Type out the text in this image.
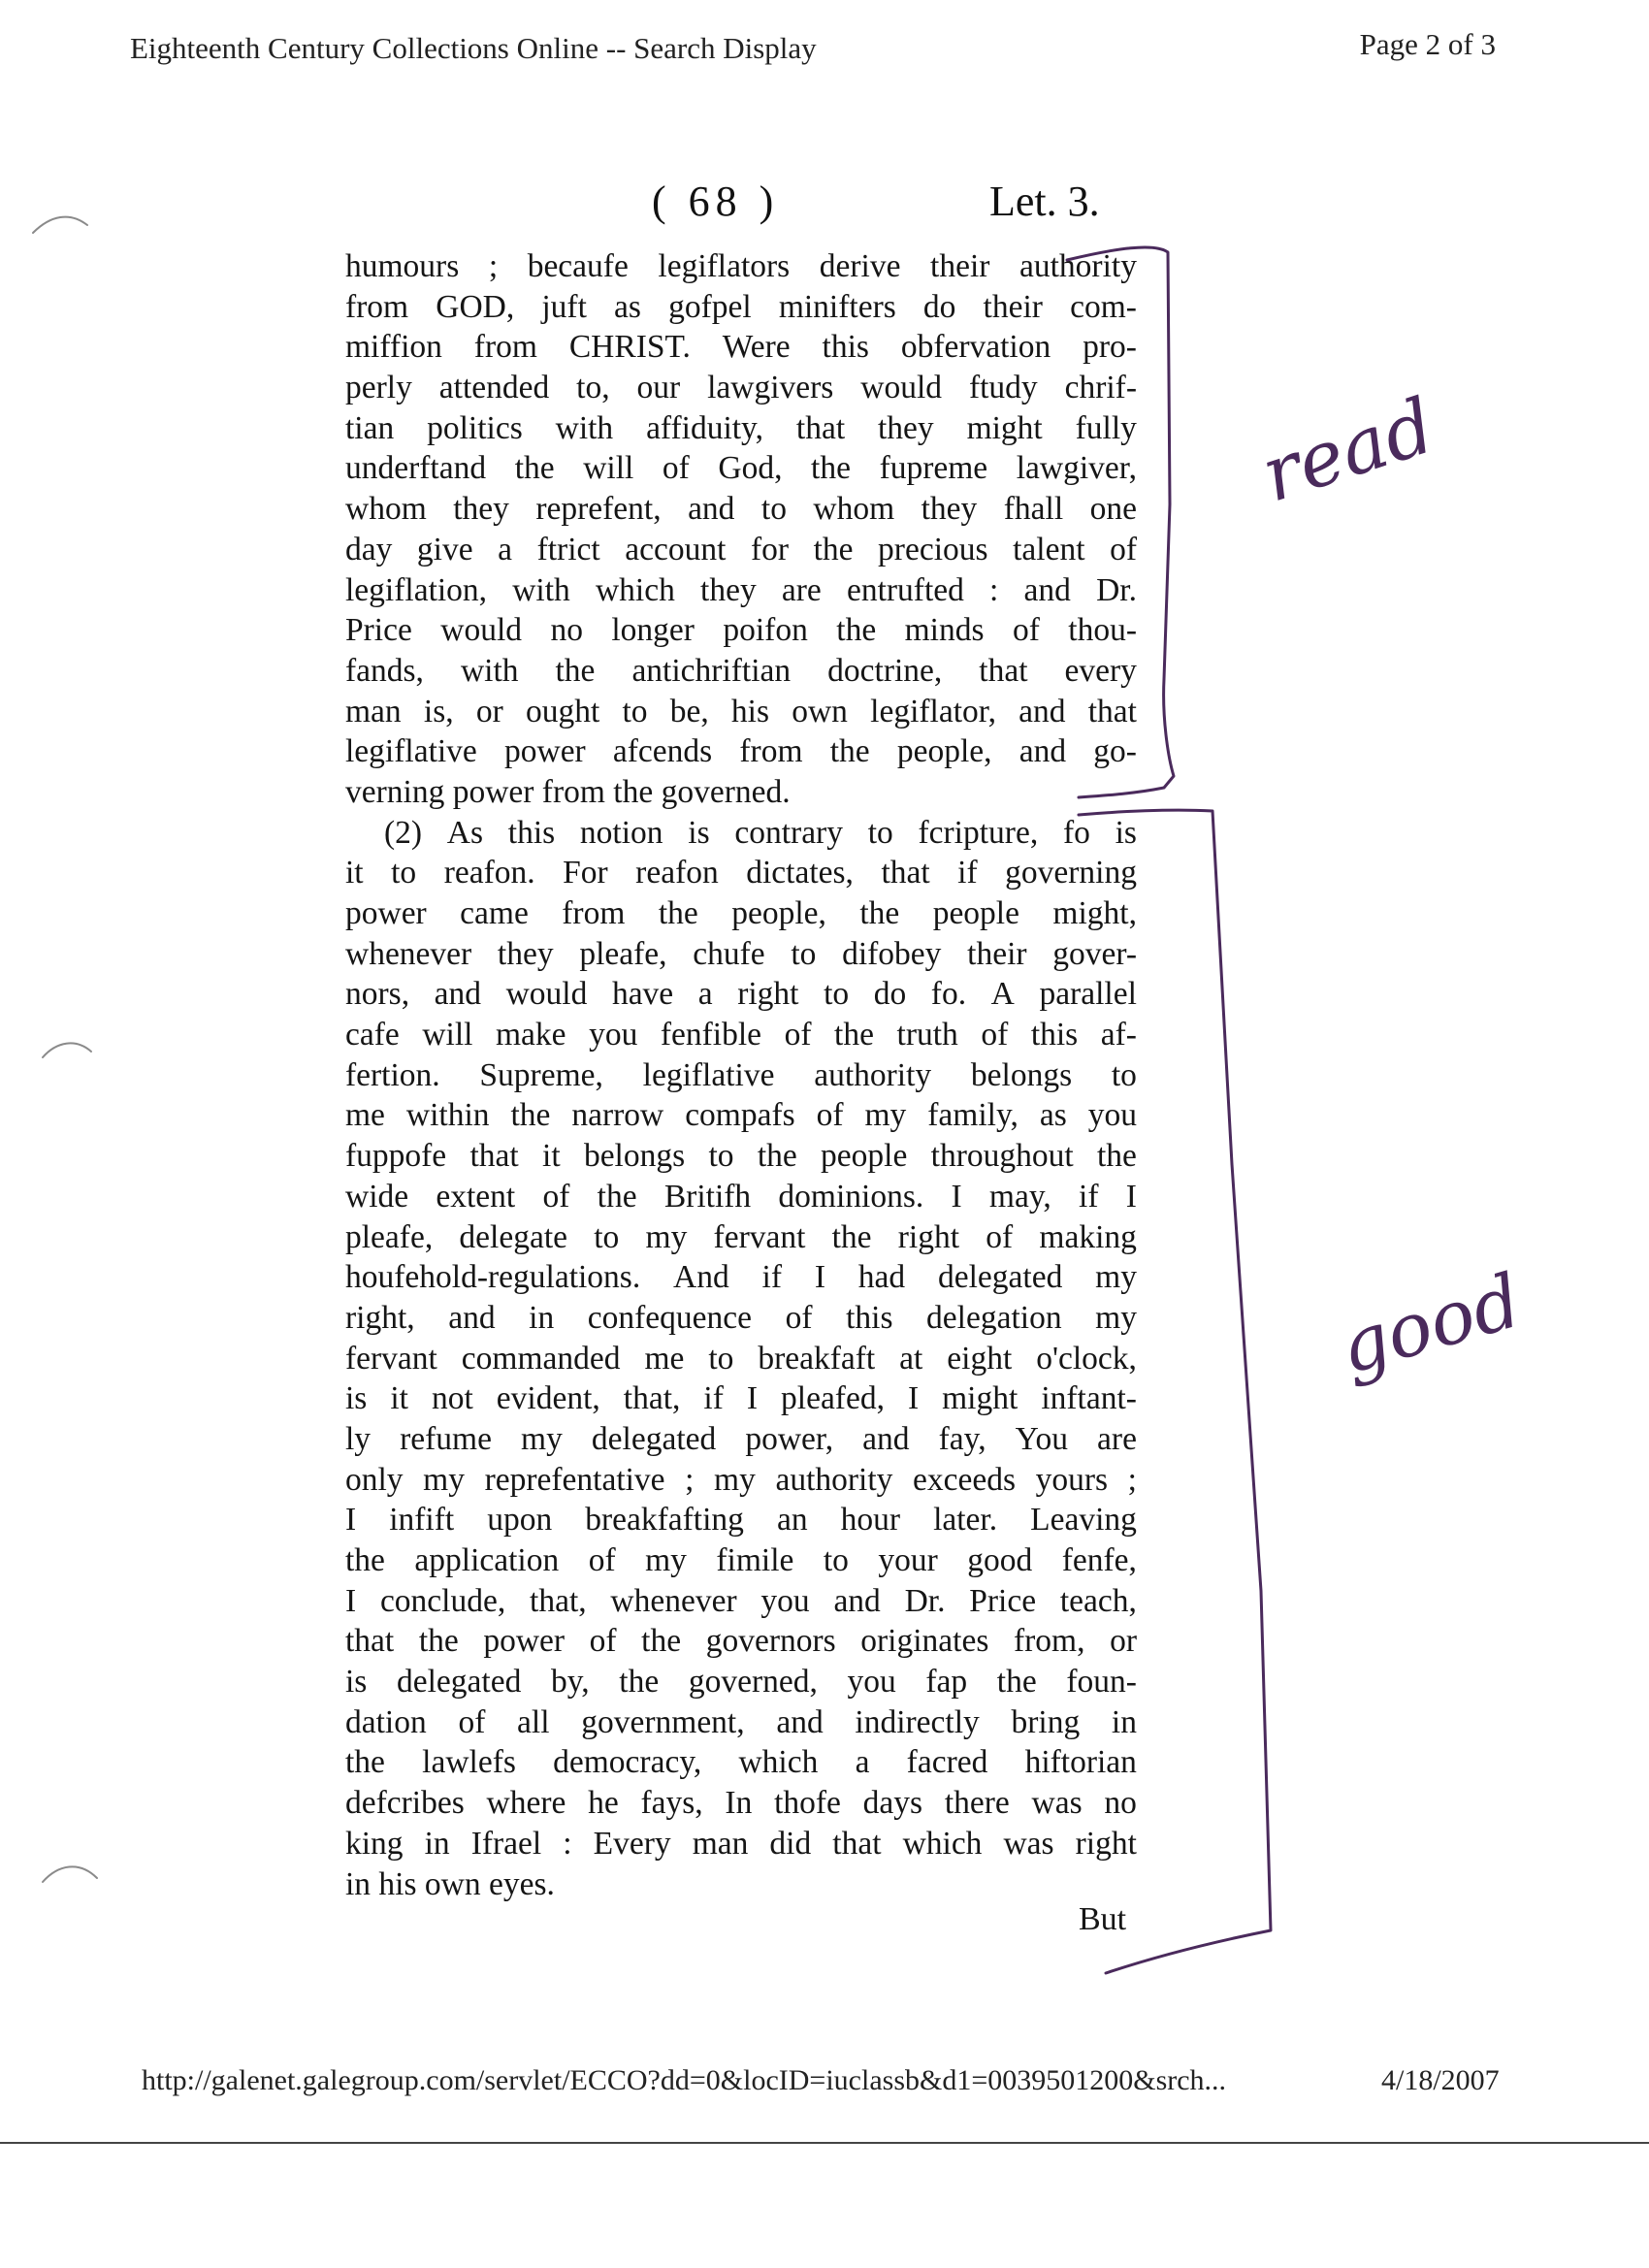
Eighteenth Century Collections Online -- Search Display	Page 2 of 3
( 68 )	Let. 3.
humours ; becaufe legiflators derive their authority
from GOD, juft as gofpel minifters do their com-
miffion from CHRIST. Were this obfervation pro-
perly attended to, our lawgivers would ftudy chrif-
tian politics with affiduity, that they might fully
underftand the will of God, the fupreme lawgiver,
whom they reprefent, and to whom they fhall one
day give a ftrict account for the precious talent of
legiflation, with which they are entrufted : and Dr.
Price would no longer poifon the minds of thou-
fands, with the antichriftian doctrine, that every
man is, or ought to be, his own legiflator, and that
legiflative power afcends from the people, and go-
verning power from the governed.
(2) As this notion is contrary to fcripture, fo is
it to reafon. For reafon dictates, that if governing
power came from the people, the people might,
whenever they pleafe, chufe to difobey their gover-
nors, and would have a right to do fo. A parallel
cafe will make you fenfible of the truth of this af-
fertion. Supreme, legiflative authority belongs to
me within the narrow compafs of my family, as you
fuppofe that it belongs to the people throughout the
wide extent of the Britifh dominions. I may, if I
pleafe, delegate to my fervant the right of making
houfehold-regulations. And if I had delegated my
right, and in confequence of this delegation my
fervant commanded me to breakfaft at eight o'clock,
is it not evident, that, if I pleafed, I might inftant-
ly refume my delegated power, and fay, You are
only my reprefentative ; my authority exceeds yours ;
I infift upon breakfafting an hour later. Leaving
the application of my fimile to your good fenfe,
I conclude, that, whenever you and Dr. Price teach,
that the power of the governors originates from, or
is delegated by, the governed, you fap the foun-
dation of all government, and indirectly bring in
the lawlefs democracy, which a facred hiftorian
defcribes where he fays, In thofe days there was no
king in Ifrael : Every man did that which was right
in his own eyes.
But
read
good
http://galenet.galegroup.com/servlet/ECCO?dd=0&locID=iuclassb&d1=0039501200&srch...	4/18/2007
